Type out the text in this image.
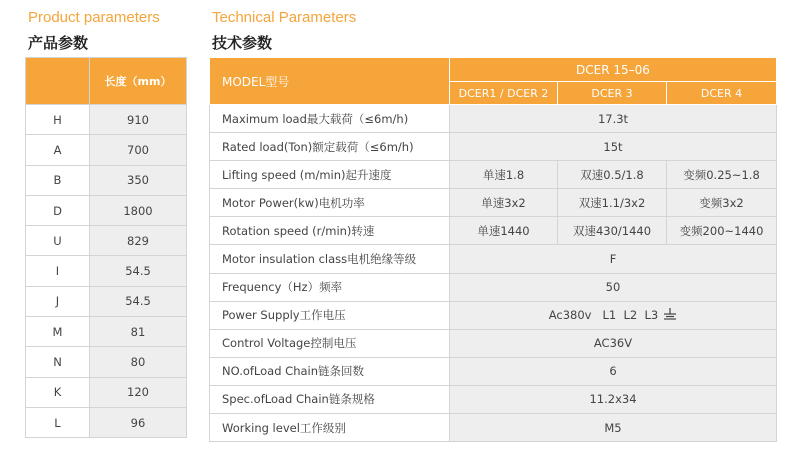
Product parameters
产品参数
Technical Parameters
技术参数
	长度（mm）
H	910
A	700
B	350
D	1800
U	829
I	54.5
J	54.5
M	81
N	80
K	120
L	96
MODEL型号	DCER 15–06		
	DCER1 / DCER 2	DCER 3	DCER 4
Maximum load最大载荷（≤6m/h)	17.3t		
Rated load(Ton)额定载荷（≤6m/h)	15t		
Lifting speed (m/min)起升速度	单速1.8	双速0.5/1.8	变频0.25~1.8
Motor Power(kw)电机功率	单速3x2	双速1.1/3x2	变频3x2
Rotation speed (r/min)转速	单速1440	双速430/1440	变频200~1440
Motor insulation class电机绝缘等级	F		
Frequency（Hz）频率	50		
Power Supply工作电压	Ac380v   L1  L2  L3		
Control Voltage控制电压	AC36V		
NO.ofLoad Chain链条回数	6		
Spec.ofLoad Chain链条规格	11.2x34		
Working level工作级别	M5		
